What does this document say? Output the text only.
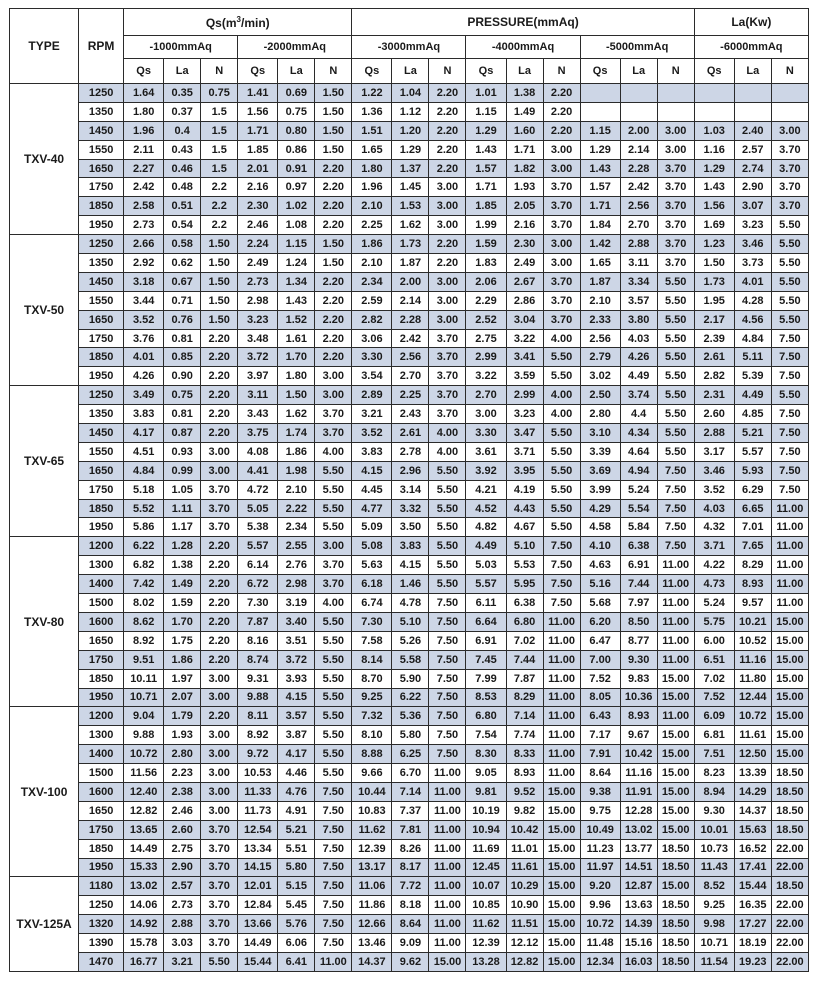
TYPE	RPM	$Qs(m^3/\min)$						PRESSURE(mmAq)									La(Kw)		
		-1000mmAq			-2000mmAq			-3000mmAq			-4000mmAq			-5000mmAq			-6000mmAq		
		Qs	La	N	Qs	La	N	Qs	La	N	Qs	La	N	Qs	La	N	Qs	La	N
TXV-40	1250	1.64	0.35	0.75	1.41	0.69	1.50	1.22	1.04	2.20	1.01	1.38	2.20						
	1350	1.80	0.37	1.5	1.56	0.75	1.50	1.36	1.12	2.20	1.15	1.49	2.20						
	1450	1.96	0.4	1.5	1.71	0.80	1.50	1.51	1.20	2.20	1.29	1.60	2.20	1.15	2.00	3.00	1.03	2.40	3.00
	1550	2.11	0.43	1.5	1.85	0.86	1.50	1.65	1.29	2.20	1.43	1.71	3.00	1.29	2.14	3.00	1.16	2.57	3.70
	1650	2.27	0.46	1.5	2.01	0.91	2.20	1.80	1.37	2.20	1.57	1.82	3.00	1.43	2.28	3.70	1.29	2.74	3.70
	1750	2.42	0.48	2.2	2.16	0.97	2.20	1.96	1.45	3.00	1.71	1.93	3.70	1.57	2.42	3.70	1.43	2.90	3.70
	1850	2.58	0.51	2.2	2.30	1.02	2.20	2.10	1.53	3.00	1.85	2.05	3.70	1.71	2.56	3.70	1.56	3.07	3.70
	1950	2.73	0.54	2.2	2.46	1.08	2.20	2.25	1.62	3.00	1.99	2.16	3.70	1.84	2.70	3.70	1.69	3.23	5.50
TXV-50	1250	2.66	0.58	1.50	2.24	1.15	1.50	1.86	1.73	2.20	1.59	2.30	3.00	1.42	2.88	3.70	1.23	3.46	5.50
	1350	2.92	0.62	1.50	2.49	1.24	1.50	2.10	1.87	2.20	1.83	2.49	3.00	1.65	3.11	3.70	1.50	3.73	5.50
	1450	3.18	0.67	1.50	2.73	1.34	2.20	2.34	2.00	3.00	2.06	2.67	3.70	1.87	3.34	5.50	1.73	4.01	5.50
	1550	3.44	0.71	1.50	2.98	1.43	2.20	2.59	2.14	3.00	2.29	2.86	3.70	2.10	3.57	5.50	1.95	4.28	5.50
	1650	3.52	0.76	1.50	3.23	1.52	2.20	2.82	2.28	3.00	2.52	3.04	3.70	2.33	3.80	5.50	2.17	4.56	5.50
	1750	3.76	0.81	2.20	3.48	1.61	2.20	3.06	2.42	3.70	2.75	3.22	4.00	2.56	4.03	5.50	2.39	4.84	7.50
	1850	4.01	0.85	2.20	3.72	1.70	2.20	3.30	2.56	3.70	2.99	3.41	5.50	2.79	4.26	5.50	2.61	5.11	7.50
	1950	4.26	0.90	2.20	3.97	1.80	3.00	3.54	2.70	3.70	3.22	3.59	5.50	3.02	4.49	5.50	2.82	5.39	7.50
TXV-65	1250	3.49	0.75	2.20	3.11	1.50	3.00	2.89	2.25	3.70	2.70	2.99	4.00	2.50	3.74	5.50	2.31	4.49	5.50
	1350	3.83	0.81	2.20	3.43	1.62	3.70	3.21	2.43	3.70	3.00	3.23	4.00	2.80	4.4	5.50	2.60	4.85	7.50
	1450	4.17	0.87	2.20	3.75	1.74	3.70	3.52	2.61	4.00	3.30	3.47	5.50	3.10	4.34	5.50	2.88	5.21	7.50
	1550	4.51	0.93	3.00	4.08	1.86	4.00	3.83	2.78	4.00	3.61	3.71	5.50	3.39	4.64	5.50	3.17	5.57	7.50
	1650	4.84	0.99	3.00	4.41	1.98	5.50	4.15	2.96	5.50	3.92	3.95	5.50	3.69	4.94	7.50	3.46	5.93	7.50
	1750	5.18	1.05	3.70	4.72	2.10	5.50	4.45	3.14	5.50	4.21	4.19	5.50	3.99	5.24	7.50	3.52	6.29	7.50
	1850	5.52	1.11	3.70	5.05	2.22	5.50	4.77	3.32	5.50	4.52	4.43	5.50	4.29	5.54	7.50	4.03	6.65	11.00
	1950	5.86	1.17	3.70	5.38	2.34	5.50	5.09	3.50	5.50	4.82	4.67	5.50	4.58	5.84	7.50	4.32	7.01	11.00
TXV-80	1200	6.22	1.28	2.20	5.57	2.55	3.00	5.08	3.83	5.50	4.49	5.10	7.50	4.10	6.38	7.50	3.71	7.65	11.00
	1300	6.82	1.38	2.20	6.14	2.76	3.70	5.63	4.15	5.50	5.03	5.53	7.50	4.63	6.91	11.00	4.22	8.29	11.00
	1400	7.42	1.49	2.20	6.72	2.98	3.70	6.18	1.46	5.50	5.57	5.95	7.50	5.16	7.44	11.00	4.73	8.93	11.00
	1500	8.02	1.59	2.20	7.30	3.19	4.00	6.74	4.78	7.50	6.11	6.38	7.50	5.68	7.97	11.00	5.24	9.57	11.00
	1600	8.62	1.70	2.20	7.87	3.40	5.50	7.30	5.10	7.50	6.64	6.80	11.00	6.20	8.50	11.00	5.75	10.21	15.00
	1650	8.92	1.75	2.20	8.16	3.51	5.50	7.58	5.26	7.50	6.91	7.02	11.00	6.47	8.77	11.00	6.00	10.52	15.00
	1750	9.51	1.86	2.20	8.74	3.72	5.50	8.14	5.58	7.50	7.45	7.44	11.00	7.00	9.30	11.00	6.51	11.16	15.00
	1850	10.11	1.97	3.00	9.31	3.93	5.50	8.70	5.90	7.50	7.99	7.87	11.00	7.52	9.83	15.00	7.02	11.80	15.00
	1950	10.71	2.07	3.00	9.88	4.15	5.50	9.25	6.22	7.50	8.53	8.29	11.00	8.05	10.36	15.00	7.52	12.44	15.00
TXV-100	1200	9.04	1.79	2.20	8.11	3.57	5.50	7.32	5.36	7.50	6.80	7.14	11.00	6.43	8.93	11.00	6.09	10.72	15.00
	1300	9.88	1.93	3.00	8.92	3.87	5.50	8.10	5.80	7.50	7.54	7.74	11.00	7.17	9.67	15.00	6.81	11.61	15.00
	1400	10.72	2.80	3.00	9.72	4.17	5.50	8.88	6.25	7.50	8.30	8.33	11.00	7.91	10.42	15.00	7.51	12.50	15.00
	1500	11.56	2.23	3.00	10.53	4.46	5.50	9.66	6.70	11.00	9.05	8.93	11.00	8.64	11.16	15.00	8.23	13.39	18.50
	1600	12.40	2.38	3.00	11.33	4.76	7.50	10.44	7.14	11.00	9.81	9.52	15.00	9.38	11.91	15.00	8.94	14.29	18.50
	1650	12.82	2.46	3.00	11.73	4.91	7.50	10.83	7.37	11.00	10.19	9.82	15.00	9.75	12.28	15.00	9.30	14.37	18.50
	1750	13.65	2.60	3.70	12.54	5.21	7.50	11.62	7.81	11.00	10.94	10.42	15.00	10.49	13.02	15.00	10.01	15.63	18.50
	1850	14.49	2.75	3.70	13.34	5.51	7.50	12.39	8.26	11.00	11.69	11.01	15.00	11.23	13.77	18.50	10.73	16.52	22.00
	1950	15.33	2.90	3.70	14.15	5.80	7.50	13.17	8.17	11.00	12.45	11.61	15.00	11.97	14.51	18.50	11.43	17.41	22.00
TXV-125A	1180	13.02	2.57	3.70	12.01	5.15	7.50	11.06	7.72	11.00	10.07	10.29	15.00	9.20	12.87	15.00	8.52	15.44	18.50
	1250	14.06	2.73	3.70	12.84	5.45	7.50	11.86	8.18	11.00	10.85	10.90	15.00	9.96	13.63	18.50	9.25	16.35	22.00
	1320	14.92	2.88	3.70	13.66	5.76	7.50	12.66	8.64	11.00	11.62	11.51	15.00	10.72	14.39	18.50	9.98	17.27	22.00
	1390	15.78	3.03	3.70	14.49	6.06	7.50	13.46	9.09	11.00	12.39	12.12	15.00	11.48	15.16	18.50	10.71	18.19	22.00
	1470	16.77	3.21	5.50	15.44	6.41	11.00	14.37	9.62	15.00	13.28	12.82	15.00	12.34	16.03	18.50	11.54	19.23	22.00
